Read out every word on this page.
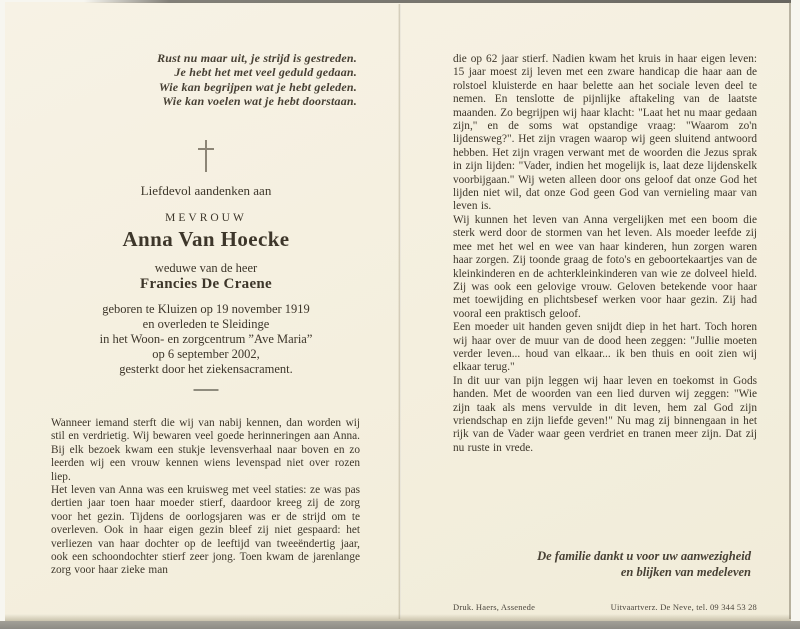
Rust nu maar uit, je strijd is gestreden.
Je hebt het met veel geduld gedaan.
Wie kan begrijpen wat je hebt geleden.
Wie kan voelen wat je hebt doorstaan.
Liefdevol aandenken aan
MEVROUW
Anna Van Hoecke
weduwe van de heer
Francies De Craene
geboren te Kluizen op 19 november 1919
en overleden te Sleidinge
in het Woon- en zorgcentrum ”Ave Maria”
op 6 september 2002,
gesterkt door het ziekensacrament.

Wanneer iemand sterft die wij van nabij kennen, dan worden wij stil en verdrietig. Wij bewaren veel goede herinneringen aan Anna. Bij elk bezoek kwam een stukje levensverhaal naar boven en zo leerden wij een vrouw kennen wiens levenspad niet over rozen liep.

Het leven van Anna was een kruisweg met veel staties: ze was pas dertien jaar toen haar moeder stierf, daardoor kreeg zij de zorg voor het gezin. Tijdens de oorlogsjaren was er de strijd om te overleven. Ook in haar eigen gezin bleef zij niet gespaard: het verliezen van haar dochter op de leeftijd van tweeëndertig jaar, ook een schoondochter stierf zeer jong. Toen kwam de jarenlange zorg voor haar zieke man

die op 62 jaar stierf. Nadien kwam het kruis in haar eigen leven: 15 jaar moest zij leven met een zware handicap die haar aan de rolstoel kluisterde en haar belette aan het sociale leven deel te nemen. En tenslotte de pijnlijke aftakeling van de laatste maanden. Zo begrijpen wij haar klacht: "Laat het nu maar gedaan zijn," en de soms wat opstandige vraag: "Waarom zo'n lijdensweg?". Het zijn vragen waarop wij geen sluitend antwoord hebben. Het zijn vragen verwant met de woorden die Jezus sprak in zijn lijden: "Vader, indien het mogelijk is, laat deze lijdenskelk voorbijgaan." Wij weten alleen door ons geloof dat onze God het lijden niet wil, dat onze God geen God van vernieling maar van leven is.

Wij kunnen het leven van Anna vergelijken met een boom die sterk werd door de stormen van het leven. Als moeder leefde zij mee met het wel en wee van haar kinderen, hun zorgen waren haar zorgen. Zij toonde graag de foto's en geboortekaartjes van de kleinkinderen en de achterkleinkinderen van wie ze dolveel hield. Zij was ook een gelovige vrouw. Geloven betekende voor haar met toewijding en plichtsbesef werken voor haar gezin. Zij had vooral een praktisch geloof.

Een moeder uit handen geven snijdt diep in het hart. Toch horen wij haar over de muur van de dood heen zeggen: "Jullie moeten verder leven... houd van elkaar... ik ben thuis en ooit zien wij elkaar terug."

In dit uur van pijn leggen wij haar leven en toekomst in Gods handen. Met de woorden van een lied durven wij zeggen: "Wie zijn taak als mens vervulde in dit leven, hem zal God zijn vriendschap en zijn liefde geven!" Nu mag zij binnengaan in het rijk van de Vader waar geen verdriet en tranen meer zijn. Dat zij nu ruste in vrede.

De familie dankt u voor uw aanwezigheid
en blijken van medeleven
Druk. Haers, Assenede	Uitvaartverz. De Neve, tel. 09 344 53 28
